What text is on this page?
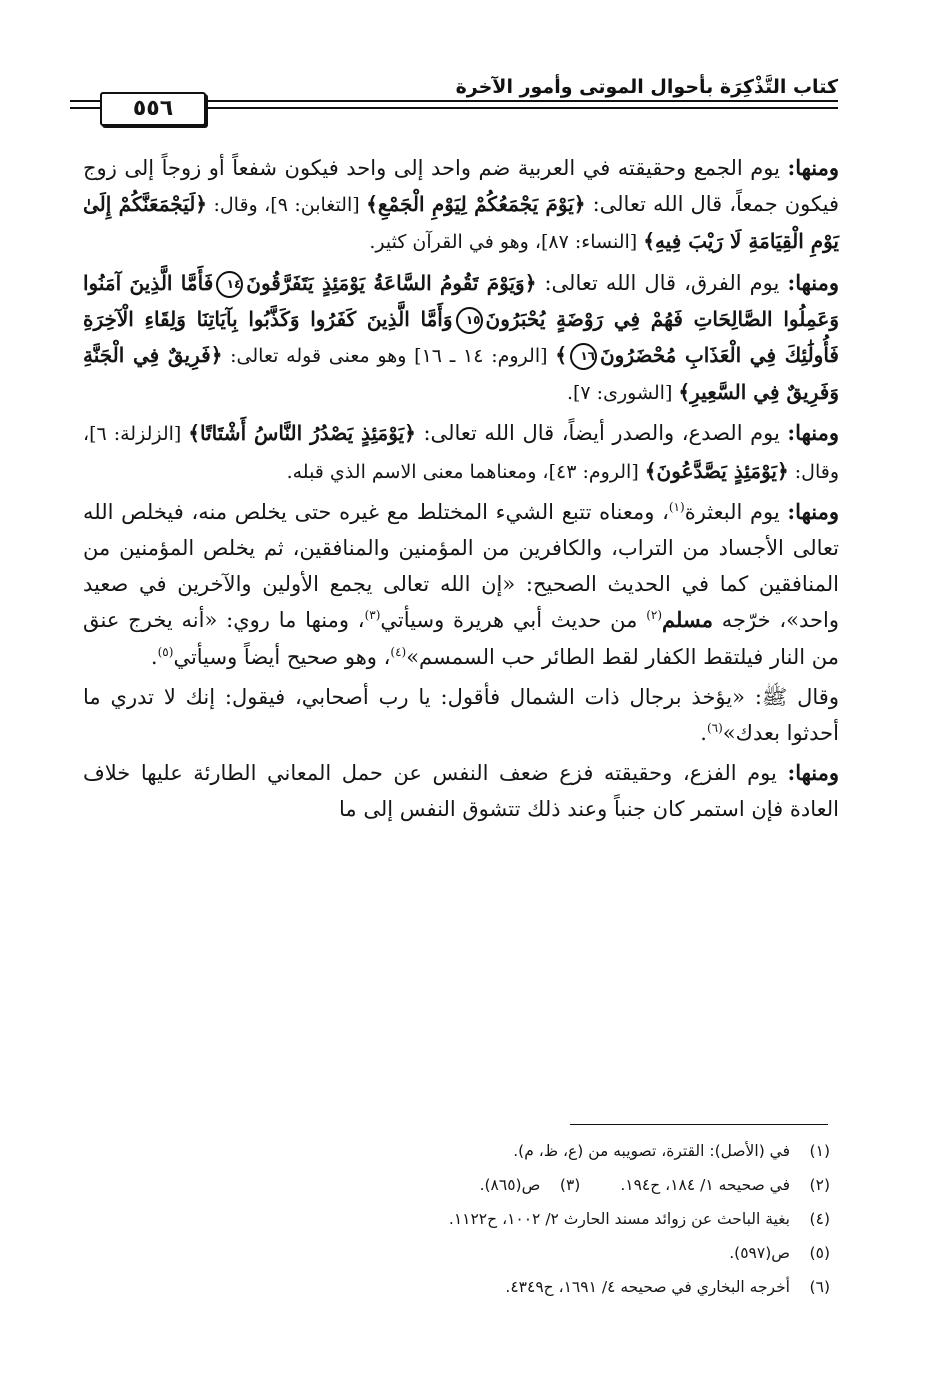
كتاب التَّذْكِرَة بأحوال الموتى وأمور الآخرة
٥٥٦

ومنها: يوم الجمع وحقيقته في العربية ضم واحد إلى واحد فيكون شفعاً أو زوجاً إلى زوج فيكون جمعاً، قال الله تعالى: ﴿يَوْمَ يَجْمَعُكُمْ لِيَوْمِ الْجَمْعِ﴾ [التغابن: ٩]، وقال: ﴿لَيَجْمَعَنَّكُمْ إِلَىٰ يَوْمِ الْقِيَامَةِ لَا رَيْبَ فِيهِ﴾ [النساء: ٨٧]، وهو في القرآن كثير.

ومنها: يوم الفرق، قال الله تعالى: ﴿وَيَوْمَ تَقُومُ السَّاعَةُ يَوْمَئِذٍ يَتَفَرَّقُونَ١٤فَأَمَّا الَّذِينَ آمَنُوا وَعَمِلُوا الصَّالِحَاتِ فَهُمْ فِي رَوْضَةٍ يُحْبَرُونَ١٥وَأَمَّا الَّذِينَ كَفَرُوا وَكَذَّبُوا بِآيَاتِنَا وَلِقَاءِ الْآخِرَةِ فَأُولَٰئِكَ فِي الْعَذَابِ مُحْضَرُونَ١٦﴾ [الروم: ١٤ ـ ١٦] وهو معنى قوله تعالى: ﴿فَرِيقٌ فِي الْجَنَّةِ وَفَرِيقٌ فِي السَّعِيرِ﴾ [الشورى: ٧].

ومنها: يوم الصدع، والصدر أيضاً، قال الله تعالى: ﴿يَوْمَئِذٍ يَصْدُرُ النَّاسُ أَشْتَاتًا﴾ [الزلزلة: ٦]، وقال: ﴿يَوْمَئِذٍ يَصَّدَّعُونَ﴾ [الروم: ٤٣]، ومعناهما معنى الاسم الذي قبله.

ومنها: يوم البعثرة$^{(١)}$، ومعناه تتبع الشيء المختلط مع غيره حتى يخلص منه، فيخلص الله تعالى الأجساد من التراب، والكافرين من المؤمنين والمنافقين، ثم يخلص المؤمنين من المنافقين كما في الحديث الصحيح: «إن الله تعالى يجمع الأولين والآخرين في صعيد واحد»، خرّجه مسلم$^{(٢)}$ من حديث أبي هريرة وسيأتي$^{(٣)}$، ومنها ما روي: «أنه يخرج عنق من النار فيلتقط الكفار لقط الطائر حب السمسم»$^{(٤)}$، وهو صحيح أيضاً وسيأتي$^{(٥)}$.

وقال ﷺ: «يؤخذ برجال ذات الشمال فأقول: يا رب أصحابي، فيقول: إنك لا تدري ما أحدثوا بعدك»$^{(٦)}$.

ومنها: يوم الفزع، وحقيقته فزع ضعف النفس عن حمل المعاني الطارئة عليها خلاف العادة فإن استمر كان جنباً وعند ذلك تتشوق النفس إلى ما

(١)في (الأصل): القترة، تصويبه من (ع، ظ، م).
(٢)في صحيحه ١/ ١٨٤، ح١٩٤.(٣)ص(٨٦٥).
(٤)بغية الباحث عن زوائد مسند الحارث ٢/ ١٠٠٢، ح١١٢٢.
(٥)ص(٥٩٧).
(٦)أخرجه البخاري في صحيحه ٤/ ١٦٩١، ح٤٣٤٩.
